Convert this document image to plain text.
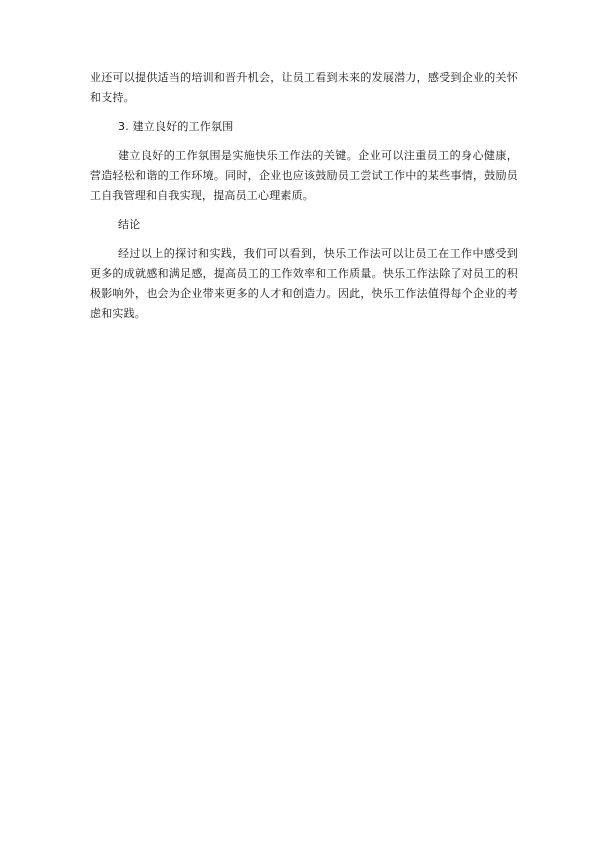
业还可以提供适当的培训和晋升机会，让员工看到未来的发展潜力，感受到企业的关怀和支持。

3. 建立良好的工作氛围

建立良好的工作氛围是实施快乐工作法的关键。企业可以注重员工的身心健康，营造轻松和谐的工作环境。同时，企业也应该鼓励员工尝试工作中的某些事情，鼓励员工自我管理和自我实现，提高员工心理素质。

结论

经过以上的探讨和实践，我们可以看到，快乐工作法可以让员工在工作中感受到更多的成就感和满足感，提高员工的工作效率和工作质量。快乐工作法除了对员工的积极影响外，也会为企业带来更多的人才和创造力。因此，快乐工作法值得每个企业的考虑和实践。
